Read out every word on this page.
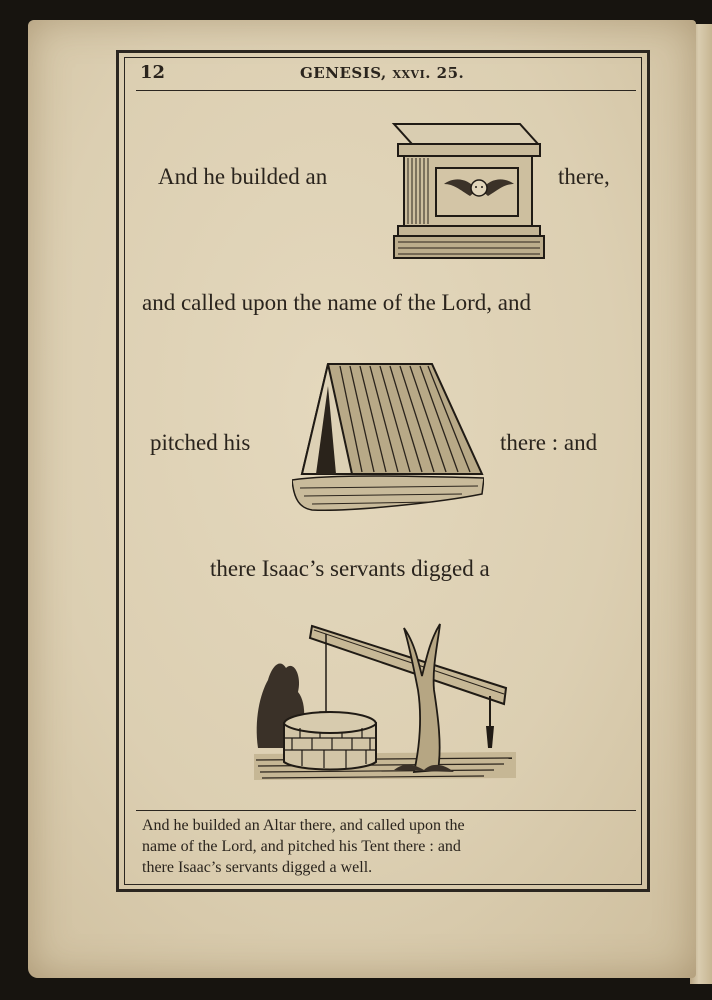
12	GENESIS, xxvi. 25.
And he builded an	there,
and called upon the name of the Lord, and
pitched his	there : and
there Isaac’s servants digged a
And he builded an Altar there, and called upon the
name of the Lord, and pitched his Tent there : and
there Isaac’s servants digged a well.
